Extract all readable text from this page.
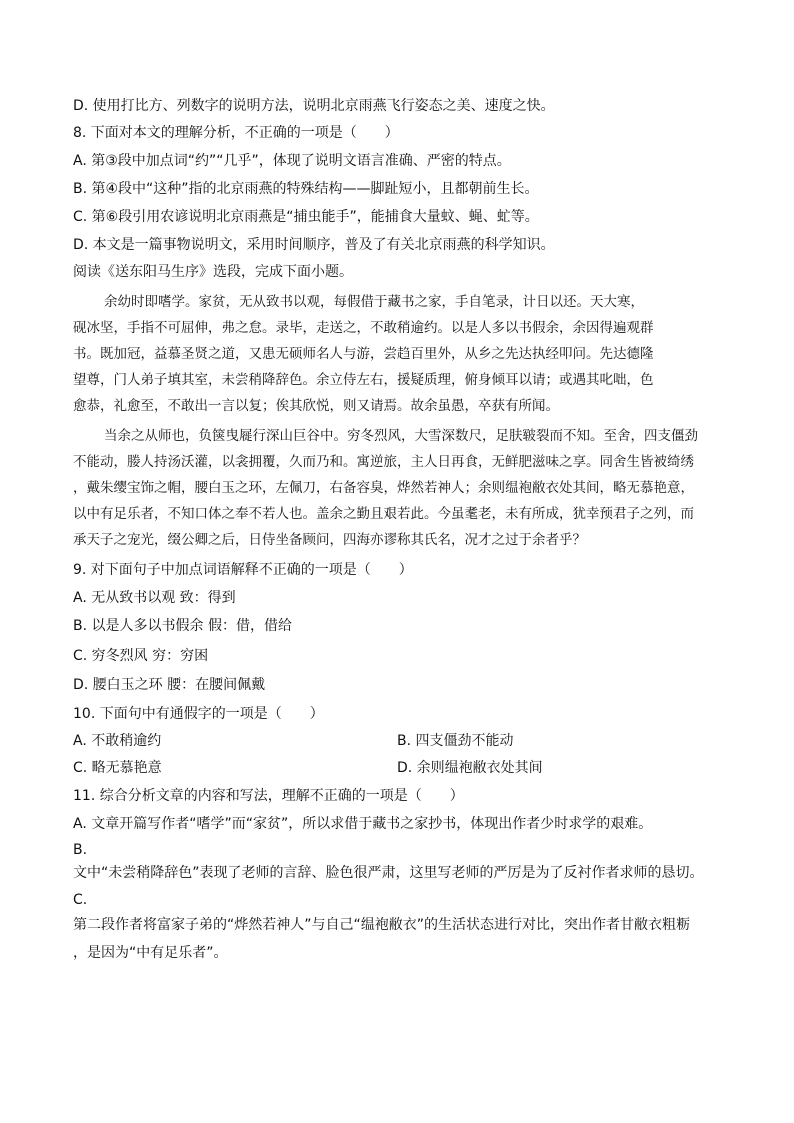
D. 使用打比方、列数字的说明方法，说明北京雨燕飞行姿态之美、速度之快。
8. 下面对本文的理解分析，不正确的一项是（　　）
A. 第③段中加点词“约”“几乎”，体现了说明文语言准确、严密的特点。
B. 第④段中“这种”指的北京雨燕的特殊结构——脚趾短小，且都朝前生长。
C. 第⑥段引用农谚说明北京雨燕是“捕虫能手”，能捕食大量蚊、蝇、虻等。
D. 本文是一篇事物说明文，采用时间顺序，普及了有关北京雨燕的科学知识。
阅读《送东阳马生序》选段，完成下面小题。
余幼时即嗜学。家贫，无从致书以观，每假借于藏书之家，手自笔录，计日以还。天大寒，
砚冰坚，手指不可屈伸，弗之怠。录毕，走送之，不敢稍逾约。以是人多以书假余，余因得遍观群
书。既加冠，益慕圣贤之道，又患无硕师名人与游，尝趋百里外，从乡之先达执经叩问。先达德隆
望尊，门人弟子填其室，未尝稍降辞色。余立侍左右，援疑质理，俯身倾耳以请；或遇其叱咄，色
愈恭，礼愈至，不敢出一言以复；俟其欣悦，则又请焉。故余虽愚，卒获有所闻。
当余之从师也，负箧曳屣行深山巨谷中。穷冬烈风，大雪深数尺，足肤皲裂而不知。至舍，四支僵劲
不能动，媵人持汤沃灌，以衾拥覆，久而乃和。寓逆旅，主人日再食，无鲜肥滋味之享。同舍生皆被绮绣
，戴朱缨宝饰之帽，腰白玉之环，左佩刀，右备容臭，烨然若神人；余则缊袍敝衣处其间，略无慕艳意，
以中有足乐者，不知口体之奉不若人也。盖余之勤且艰若此。今虽耄老，未有所成，犹幸预君子之列，而
承天子之宠光，缀公卿之后，日侍坐备顾问，四海亦谬称其氏名，况才之过于余者乎？
9. 对下面句子中加点词语解释不正确的一项是（　　）
A. 无从致书以观 致：得到
B. 以是人多以书假余 假：借，借给
C. 穷冬烈风 穷：穷困
D. 腰白玉之环 腰：在腰间佩戴
10. 下面句中有通假字的一项是（　　）
A. 不敢稍逾约	B. 四支僵劲不能动
C. 略无慕艳意	D. 余则缊袍敝衣处其间
11. 综合分析文章的内容和写法，理解不正确的一项是（　　）
A. 文章开篇写作者“嗜学”而“家贫”，所以求借于藏书之家抄书，体现出作者少时求学的艰难。
B.
文中“未尝稍降辞色”表现了老师的言辞、脸色很严肃，这里写老师的严厉是为了反衬作者求师的恳切。
C.
第二段作者将富家子弟的“烨然若神人”与自己“缊袍敝衣”的生活状态进行对比，突出作者甘敝衣粗粝
，是因为“中有足乐者”。
